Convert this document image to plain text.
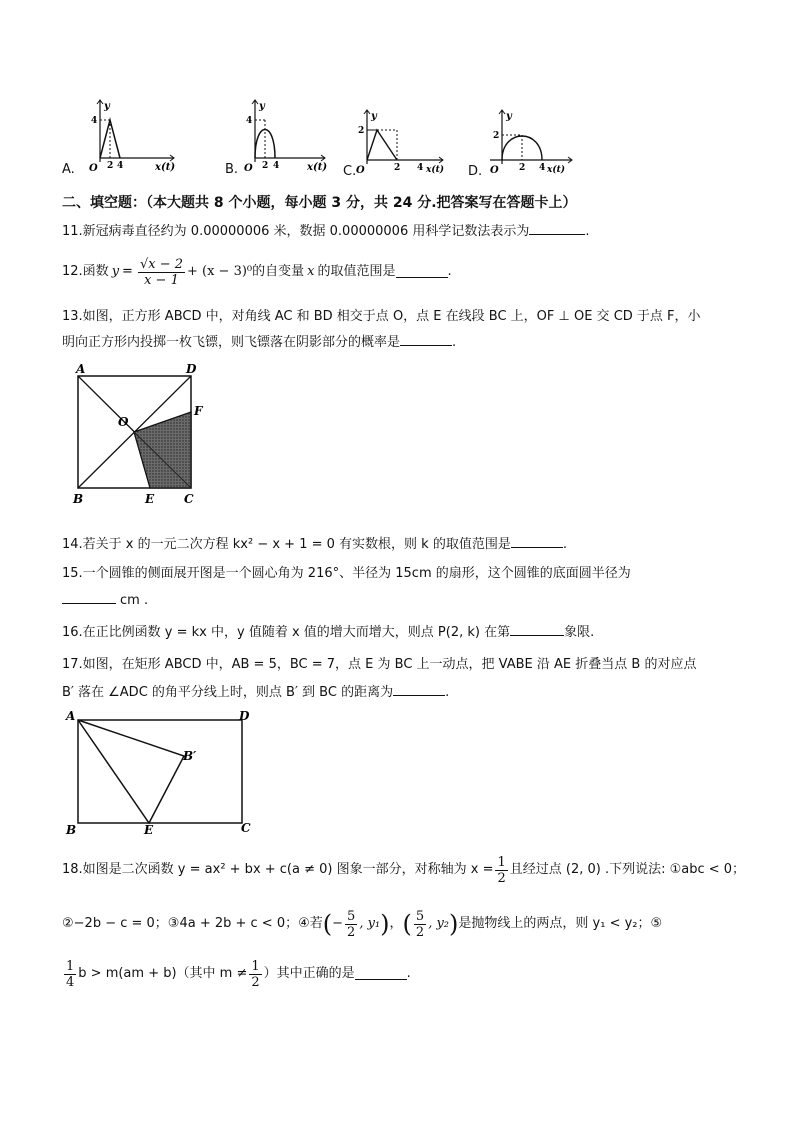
A.
y
4
O 2 4	x(t)	B.
y
4
O 2 4	x(t) C.
y
2
O	2 4 x(t) D.
y
2
O 2 4 x(t)
二、填空题：（本大题共 8 个小题，每小题 3 分，共 24 分.把答案写在答题卡上）
11.新冠病毒直径约为 0.00000006 米，数据 0.00000006 用科学记数法表示为	.
12.函数 $y = \frac{√x - 2}{x - 1} + (x - 3)^0$ 的自变量 x 的取值范围是	.
13.如图，正方形 ABCD 中，对角线 AC 和 BD 相交于点 O，点 E 在线段 BC 上，OF ⊥ OE 交 CD 于点 F，小
明向正方形内投掷一枚飞镖，则飞镖落在阴影部分的概率是	.
A	D
O
F
B	E C
14.若关于 x 的一元二次方程 kx² − x + 1 = 0 有实数根，则 k 的取值范围是	.
15.一个圆锥的侧面展开图是一个圆心角为 216°、半径为 15cm 的扇形，这个圆锥的底面圆半径为
cm .
16.在正比例函数 y = kx 中，y 值随着 x 值的增大而增大，则点 P(2, k) 在第	象限.
17.如图，在矩形 ABCD 中，AB = 5，BC = 7，点 E 为 BC 上一动点，把 VABE 沿 AE 折叠当点 B 的对应点
B′ 落在 ∠ADC 的角平分线上时，则点 B′ 到 BC 的距离为	.
A	D
B′
B	E	C
18.如图是二次函数 y = ax² + bx + c(a ≠ 0) 图象一部分，对称轴为 $x = \frac{1}{2}$ 且经过点 (2, 0) .下列说法: ①abc < 0；
②−2b − c = 0；③4a + 2b + c < 0；④若 ( − $\frac{5}{2}$ , y₁ ) ， ( $\frac{5}{2}$ , y₂ ) 是抛物线上的两点，则 y₁ < y₂；⑤
$\frac{1}{4}$ b > m(am + b)（其中 $m \ne \frac{1}{2}$ ）其中正确的是	.
